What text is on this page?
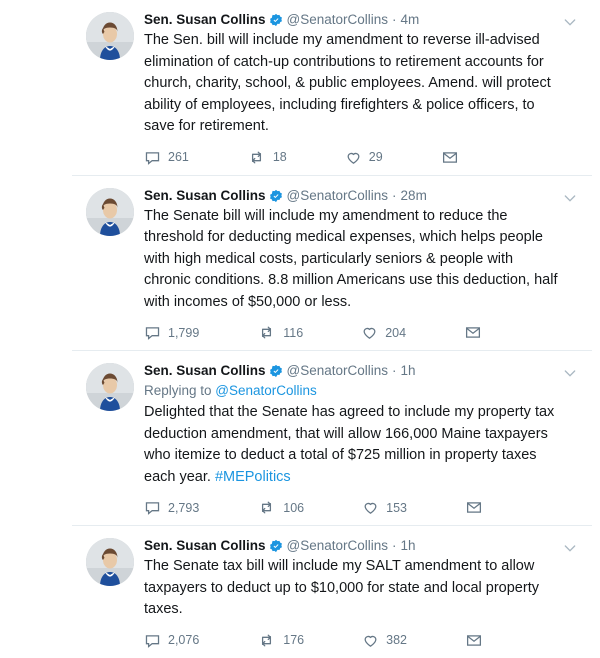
Sen. Susan Collins @SenatorCollins · 4m
The Sen. bill will include my amendment to reverse ill-advised elimination of catch-up contributions to retirement accounts for church, charity, school, & public employees. Amend. will protect ability of employees, including firefighters & police officers, to save for retirement.
261	18	29
Sen. Susan Collins @SenatorCollins · 28m
The Senate bill will include my amendment to reduce the threshold for deducting medical expenses, which helps people with high medical costs, particularly seniors & people with chronic conditions. 8.8 million Americans use this deduction, half with incomes of $50,000 or less.
1,799	116	204
Sen. Susan Collins @SenatorCollins · 1h
Replying to @SenatorCollins
Delighted that the Senate has agreed to include my property tax deduction amendment, that will allow 166,000 Maine taxpayers who itemize to deduct a total of $725 million in property taxes each year. #MEPolitics
2,793	106	153
Sen. Susan Collins @SenatorCollins · 1h
The Senate tax bill will include my SALT amendment to allow taxpayers to deduct up to $10,000 for state and local property taxes.
2,076	176	382
